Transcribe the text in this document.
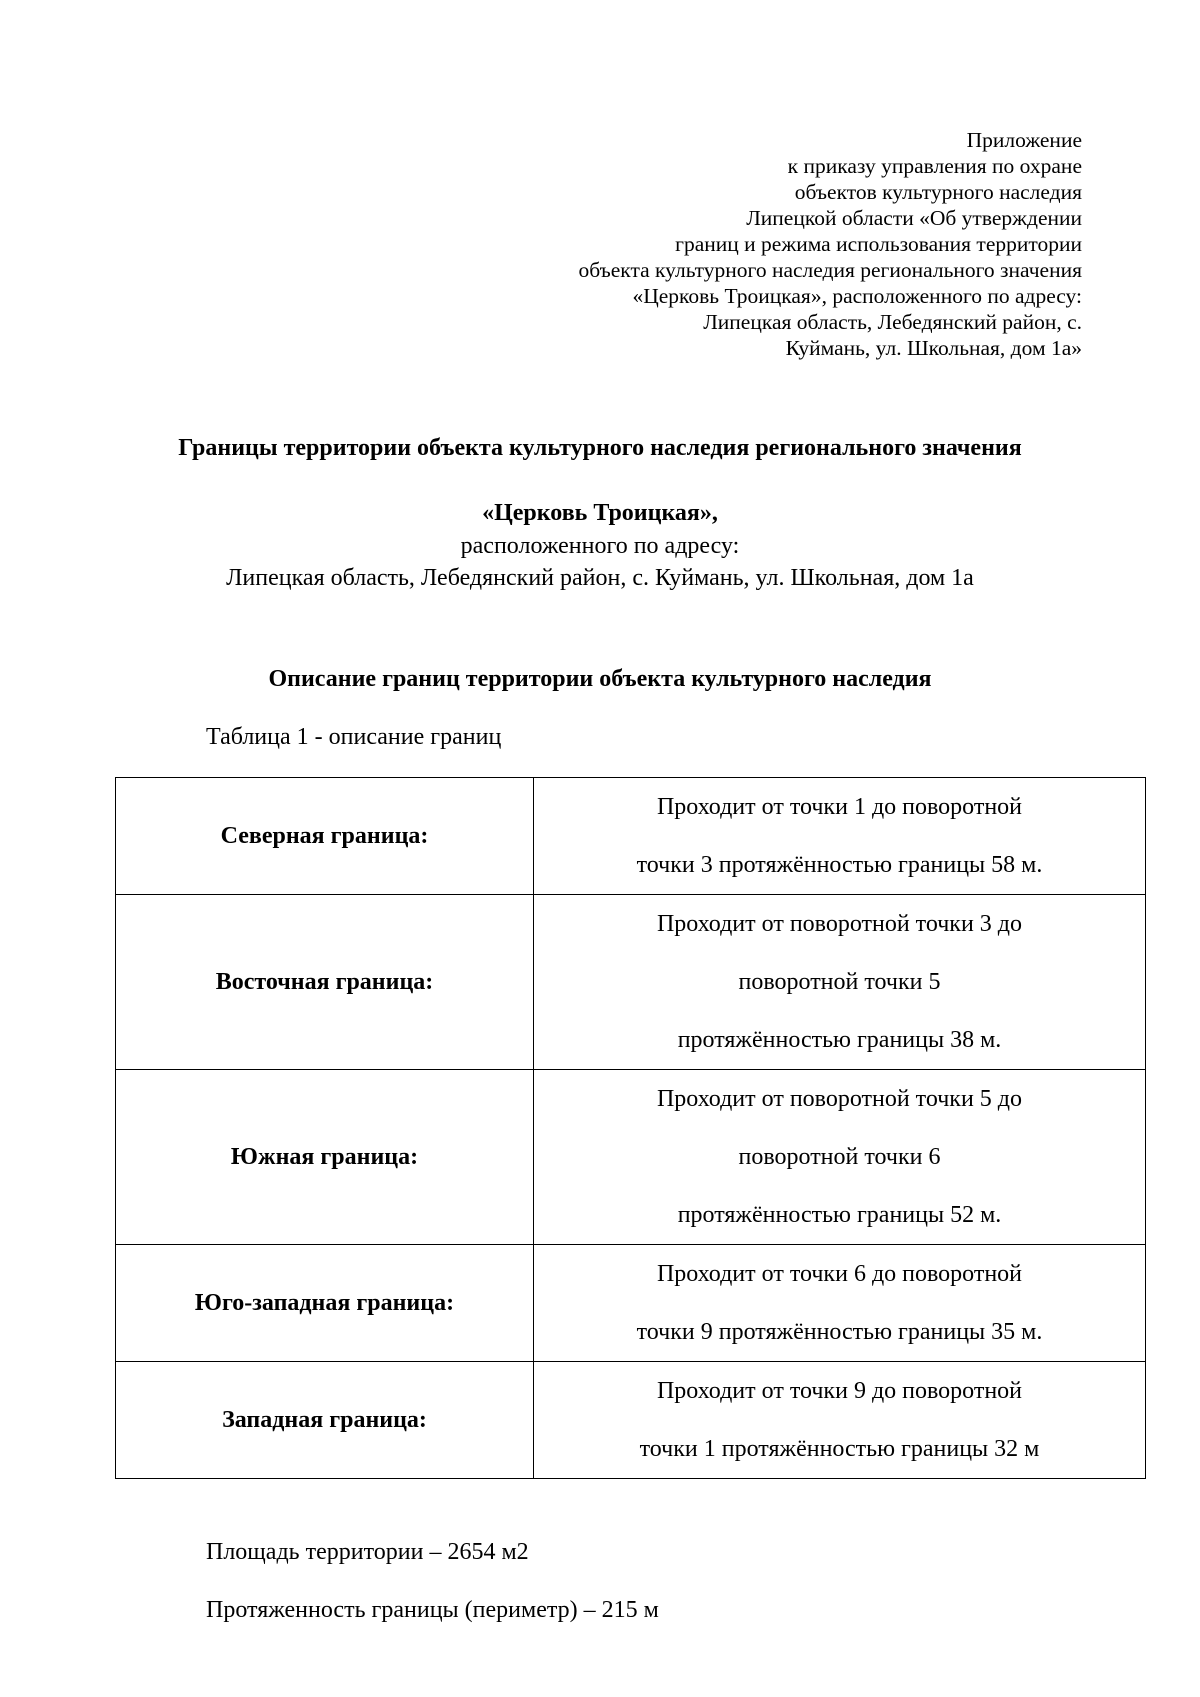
Приложение
к приказу управления по охране
объектов культурного наследия
Липецкой области «Об утверждении
границ и режима использования территории
объекта культурного наследия регионального значения
«Церковь Троицкая», расположенного по адресу:
Липецкая область, Лебедянский район, с.
Куймань, ул. Школьная, дом 1а»
Границы территории объекта культурного наследия регионального значения
«Церковь Троицкая»,
расположенного по адресу:
Липецкая область, Лебедянский район, с. Куймань, ул. Школьная, дом 1а
Описание границ территории объекта культурного наследия
Таблица 1 - описание границ
Северная граница:	Проходит от точки 1 до поворотной
точки 3 протяжённостью границы 58 м.

Восточная граница:	Проходит от поворотной точки 3 до
поворотной точки 5
протяжённостью границы 38 м.

Южная граница:	Проходит от поворотной точки 5 до
поворотной точки 6
протяжённостью границы 52 м.

Юго-западная граница:	Проходит от точки 6 до поворотной
точки 9 протяжённостью границы 35 м.

Западная граница:	Проходит от точки 9 до поворотной
точки 1 протяжённостью границы 32 м
Площадь территории – 2654 м2
Протяженность границы (периметр) – 215 м
